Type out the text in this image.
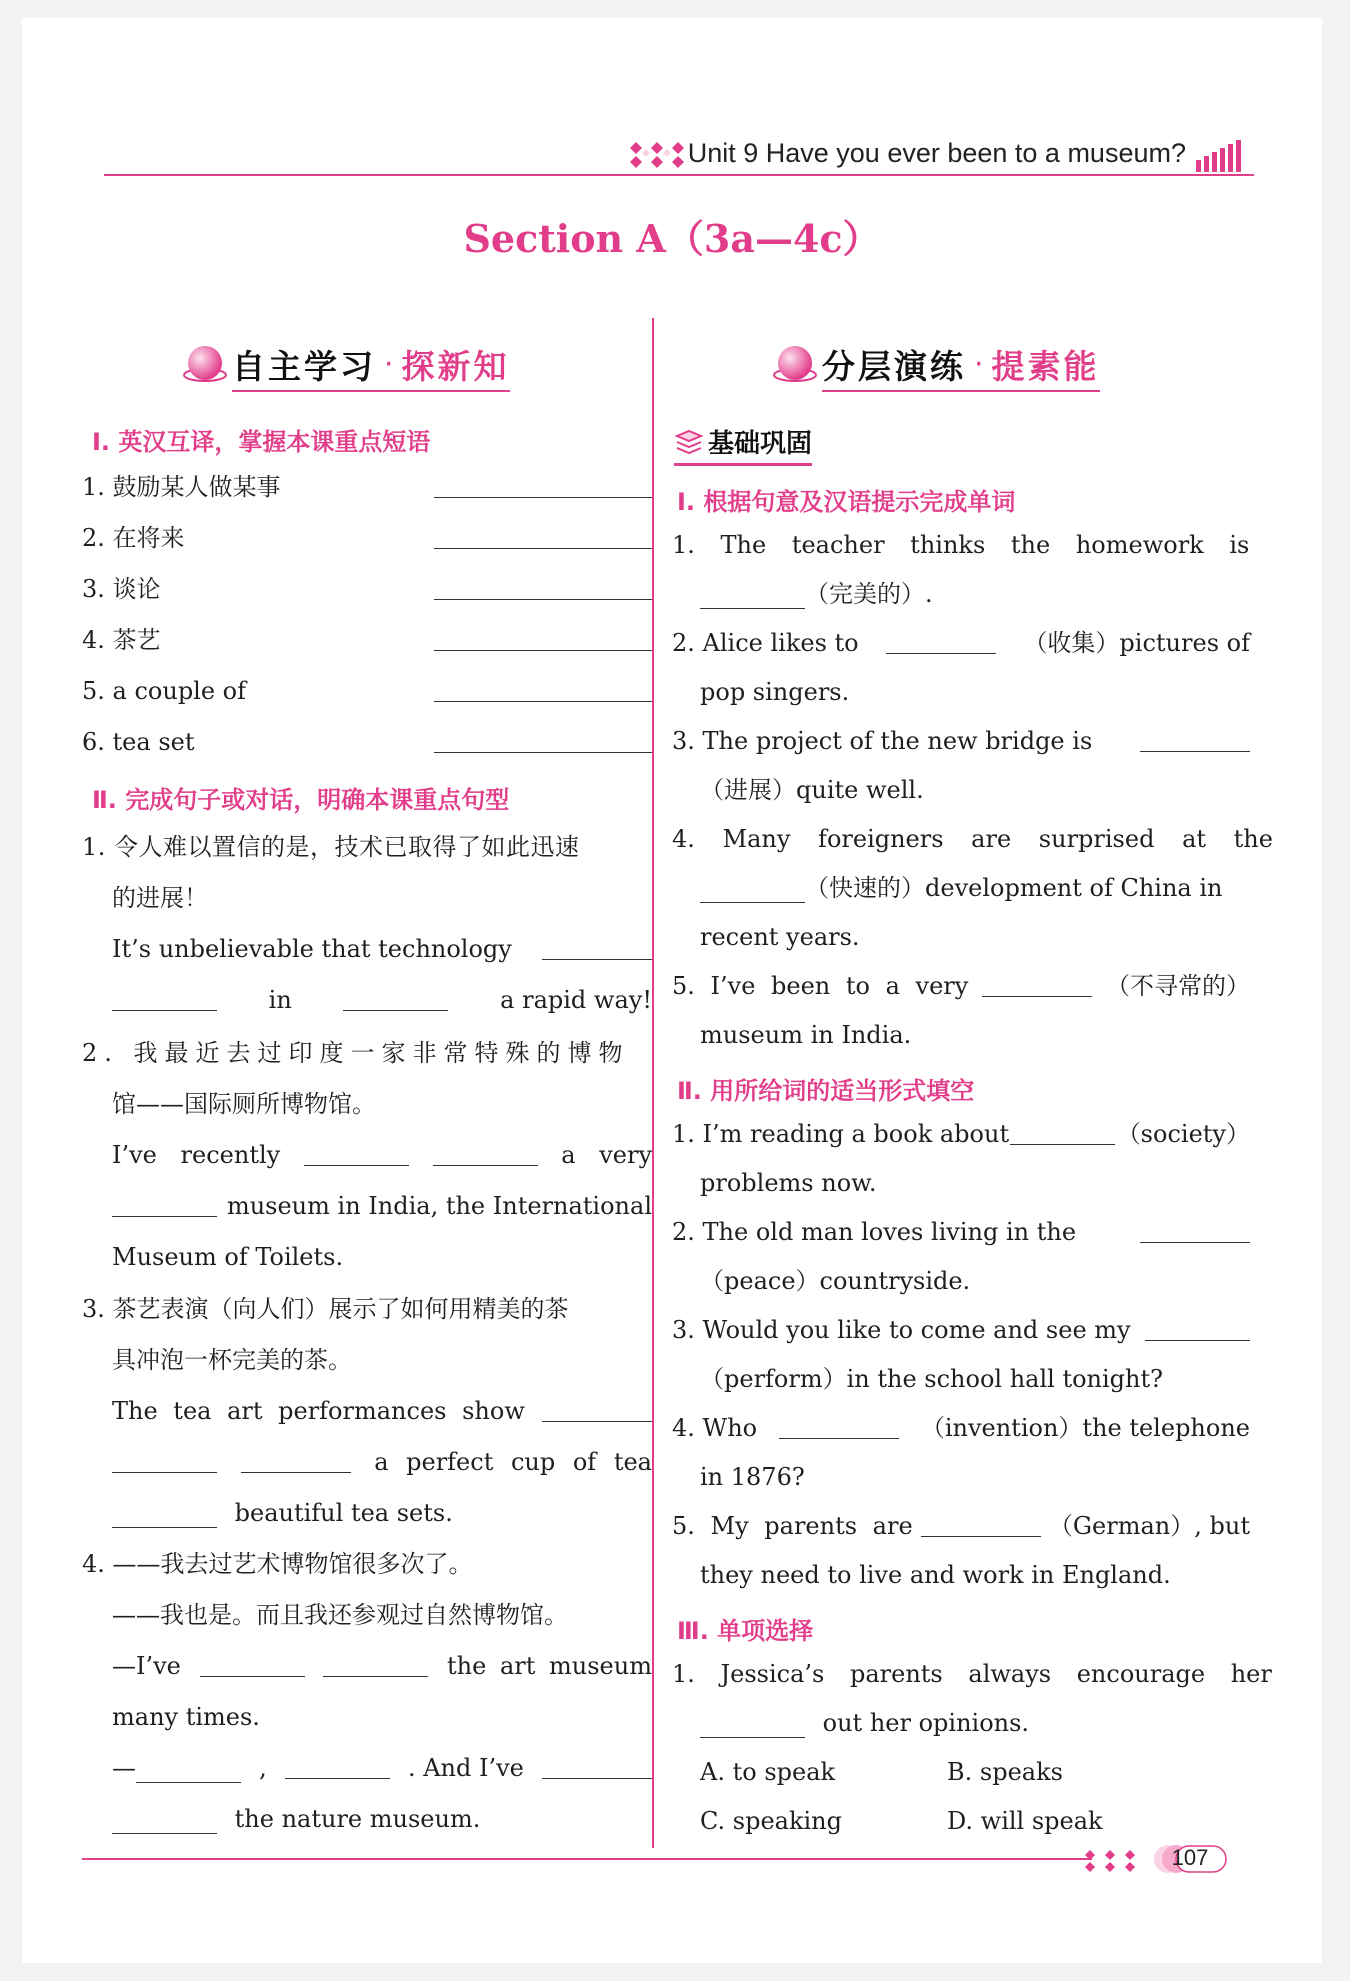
Unit 9 Have you ever been to a museum?
Section A（3a—4c）
自主学习 · 探新知
Ⅰ. 英汉互译，掌握本课重点短语
1. 鼓励某人做某事
2. 在将来
3. 谈论
4. 茶艺
5. a couple of
6. tea set
Ⅱ. 完成句子或对话，明确本课重点句型
1. 令人难以置信的是，技术已取得了如此迅速
的进展！
It’s unbelievable that technology
in	a rapid way!
2. 我最近去过印度一家非常特殊的博物
馆——国际厕所博物馆。
I’ve recently	a very
museum in India, the International
Museum of Toilets.
3. 茶艺表演（向人们）展示了如何用精美的茶
具冲泡一杯完美的茶。
The tea art performances show
a perfect cup of tea
beautiful tea sets.
4. ——我去过艺术博物馆很多次了。
——我也是。而且我还参观过自然博物馆。
—I’ve	the art museum
many times.
—	,	. And I’ve
the nature museum.
分层演练 · 提素能
基础巩固
Ⅰ. 根据句意及汉语提示完成单词
1. The teacher thinks the homework is
（完美的）.
2. Alice likes to	（收集）pictures of
pop singers.
3. The project of the new bridge is
（进展）quite well.
4. Many foreigners are surprised at the
（快速的）development of China in
recent years.
5. I’ve been to a very	（不寻常的）
museum in India.
Ⅱ. 用所给词的适当形式填空
1. I’m reading a book about	（society）
problems now.
2. The old man loves living in the
（peace）countryside.
3. Would you like to come and see my
（perform）in the school hall tonight?
4. Who	（invention）the telephone
in 1876?
5. My parents are	（German）, but
they need to live and work in England.
Ⅲ. 单项选择
1. Jessica’s parents always encourage her
out her opinions.
A. to speak	B. speaks
C. speaking	D. will speak
107
